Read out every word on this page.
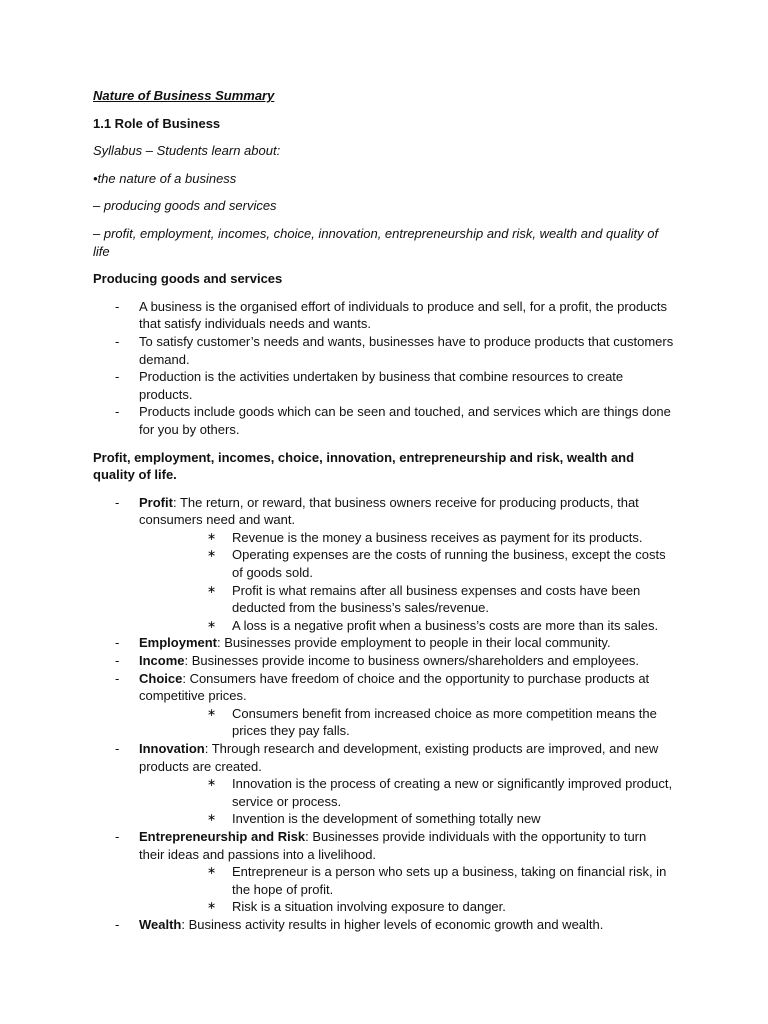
Nature of Business Summary

1.1 Role of Business

Syllabus – Students learn about:

•the nature of a business

– producing goods and services

– profit, employment, incomes, choice, innovation, entrepreneurship and risk, wealth and quality of life

Producing goods and services

-	A business is the organised effort of individuals to produce and sell, for a profit, the products that satisfy individuals needs and wants.
-	To satisfy customer’s needs and wants, businesses have to produce products that customers demand.
-	Production is the activities undertaken by business that combine resources to create products.
-	Products include goods which can be seen and touched, and services which are things done for you by others.

Profit, employment, incomes, choice, innovation, entrepreneurship and risk, wealth and quality of life.

-	Profit: The return, or reward, that business owners receive for producing products, that consumers need and want.
∗ Revenue is the money a business receives as payment for its products.
∗ Operating expenses are the costs of running the business, except the costs of goods sold.
∗ Profit is what remains after all business expenses and costs have been deducted from the business’s sales/revenue.
∗ A loss is a negative profit when a business’s costs are more than its sales.
-	Employment: Businesses provide employment to people in their local community.
-	Income: Businesses provide income to business owners/shareholders and employees.
-	Choice: Consumers have freedom of choice and the opportunity to purchase products at competitive prices.
∗ Consumers benefit from increased choice as more competition means the prices they pay falls.
-	Innovation: Through research and development, existing products are improved, and new products are created.
∗ Innovation is the process of creating a new or significantly improved product, service or process.
∗ Invention is the development of something totally new
-	Entrepreneurship and Risk: Businesses provide individuals with the opportunity to turn their ideas and passions into a livelihood.
∗ Entrepreneur is a person who sets up a business, taking on financial risk, in the hope of profit.
∗ Risk is a situation involving exposure to danger.
-	Wealth: Business activity results in higher levels of economic growth and wealth.
